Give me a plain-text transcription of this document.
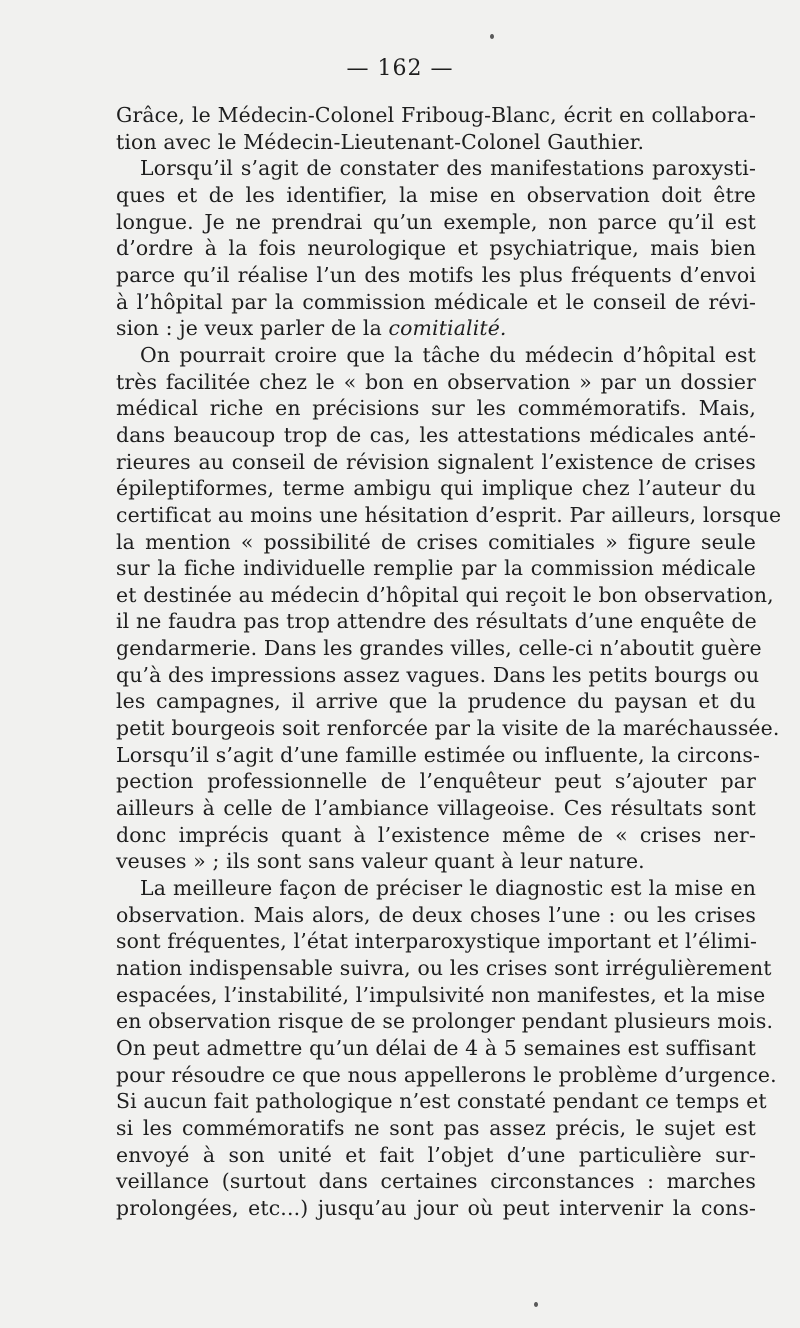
— 162 —
Grâce, le Médecin-Colonel Friboug-Blanc, écrit en collabora-
tion avec le Médecin-Lieutenant-Colonel Gauthier.
Lorsqu’il s’agit de constater des manifestations paroxysti-
ques et de les identifier, la mise en observation doit être
longue. Je ne prendrai qu’un exemple, non parce qu’il est
d’ordre à la fois neurologique et psychiatrique, mais bien
parce qu’il réalise l’un des motifs les plus fréquents d’envoi
à l’hôpital par la commission médicale et le conseil de révi-
sion : je veux parler de la comitialité.
On pourrait croire que la tâche du médecin d’hôpital est
très facilitée chez le « bon en observation » par un dossier
médical riche en précisions sur les commémoratifs. Mais,
dans beaucoup trop de cas, les attestations médicales anté-
rieures au conseil de révision signalent l’existence de crises
épileptiformes, terme ambigu qui implique chez l’auteur du
certificat au moins une hésitation d’esprit. Par ailleurs, lorsque
la mention « possibilité de crises comitiales » figure seule
sur la fiche individuelle remplie par la commission médicale
et destinée au médecin d’hôpital qui reçoit le bon observation,
il ne faudra pas trop attendre des résultats d’une enquête de
gendarmerie. Dans les grandes villes, celle-ci n’aboutit guère
qu’à des impressions assez vagues. Dans les petits bourgs ou
les campagnes, il arrive que la prudence du paysan et du
petit bourgeois soit renforcée par la visite de la maréchaussée.
Lorsqu’il s’agit d’une famille estimée ou influente, la circons-
pection professionnelle de l’enquêteur peut s’ajouter par
ailleurs à celle de l’ambiance villageoise. Ces résultats sont
donc imprécis quant à l’existence même de « crises ner-
veuses » ; ils sont sans valeur quant à leur nature.
La meilleure façon de préciser le diagnostic est la mise en
observation. Mais alors, de deux choses l’une : ou les crises
sont fréquentes, l’état interparoxystique important et l’élimi-
nation indispensable suivra, ou les crises sont irrégulièrement
espacées, l’instabilité, l’impulsivité non manifestes, et la mise
en observation risque de se prolonger pendant plusieurs mois.
On peut admettre qu’un délai de 4 à 5 semaines est suffisant
pour résoudre ce que nous appellerons le problème d’urgence.
Si aucun fait pathologique n’est constaté pendant ce temps et
si les commémoratifs ne sont pas assez précis, le sujet est
envoyé à son unité et fait l’objet d’une particulière sur-
veillance (surtout dans certaines circonstances : marches
prolongées, etc...) jusqu’au jour où peut intervenir la cons-
